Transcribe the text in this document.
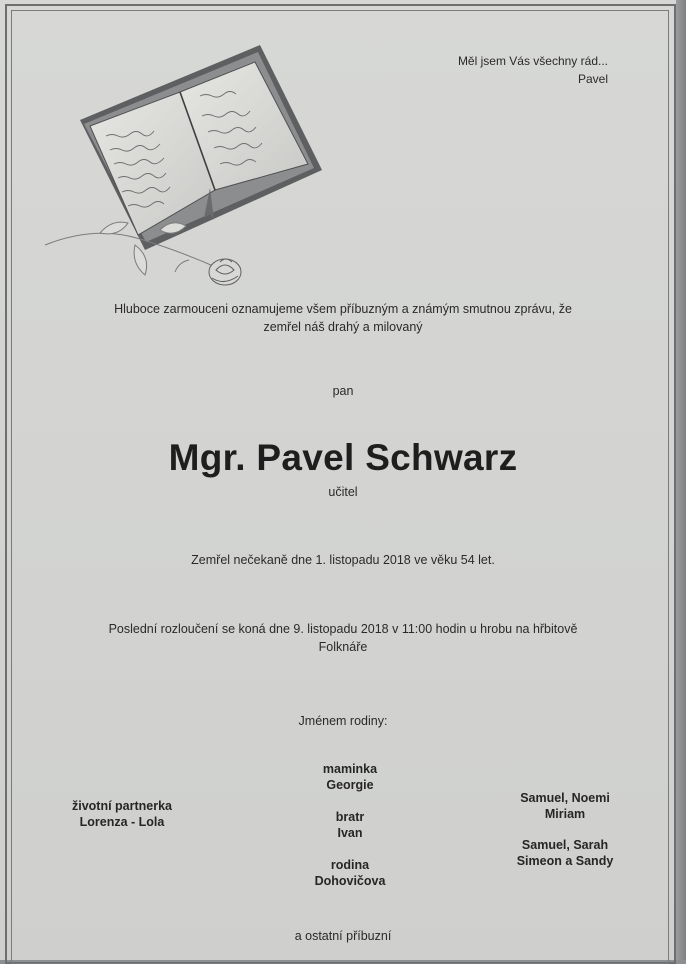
Měl jsem Vás všechny rád...
Pavel
Hluboce zarmouceni oznamujeme všem příbuzným a známým smutnou zprávu, že
zemřel náš drahý a milovaný
pan
Mgr. Pavel Schwarz
učitel
Zemřel nečekaně dne 1. listopadu 2018 ve věku 54 let.
Poslední rozloučení se koná dne 9. listopadu 2018 v 11:00 hodin u hrobu na hřbitově
Folknáře
Jménem rodiny:
životní partnerka
Lorenza - Lola
maminka
Georgie
bratr
Ivan
rodina
Dohovičova
Samuel, Noemi
Miriam
Samuel, Sarah
Simeon a Sandy
a ostatní příbuzní
